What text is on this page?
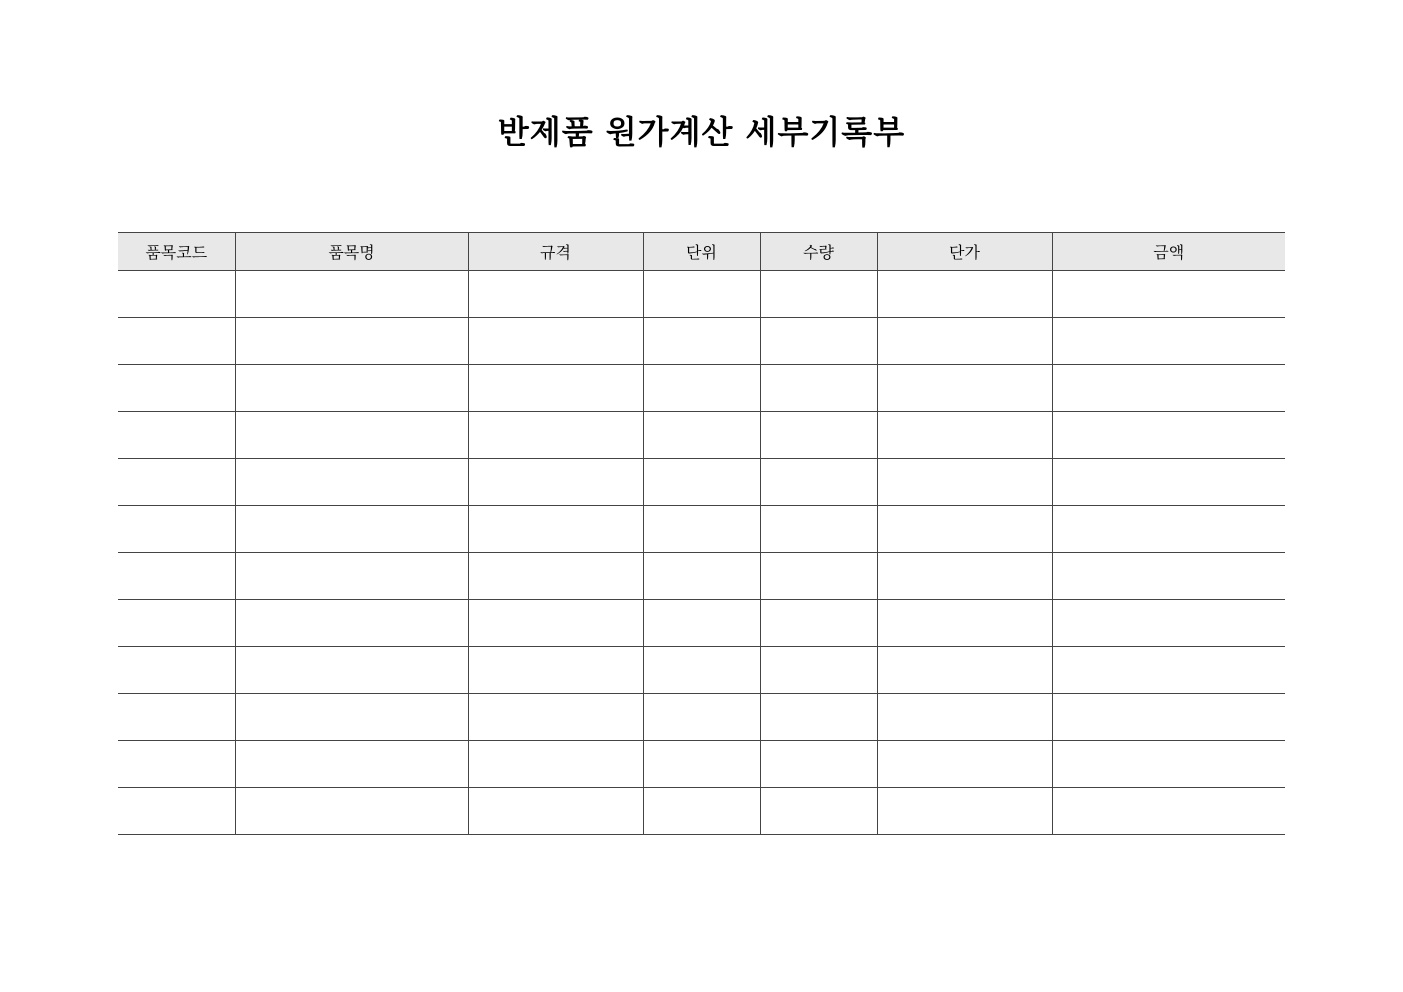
반제품 원가계산 세부기록부
품목코드	품목명	규격	단위	수량	단가	금액
